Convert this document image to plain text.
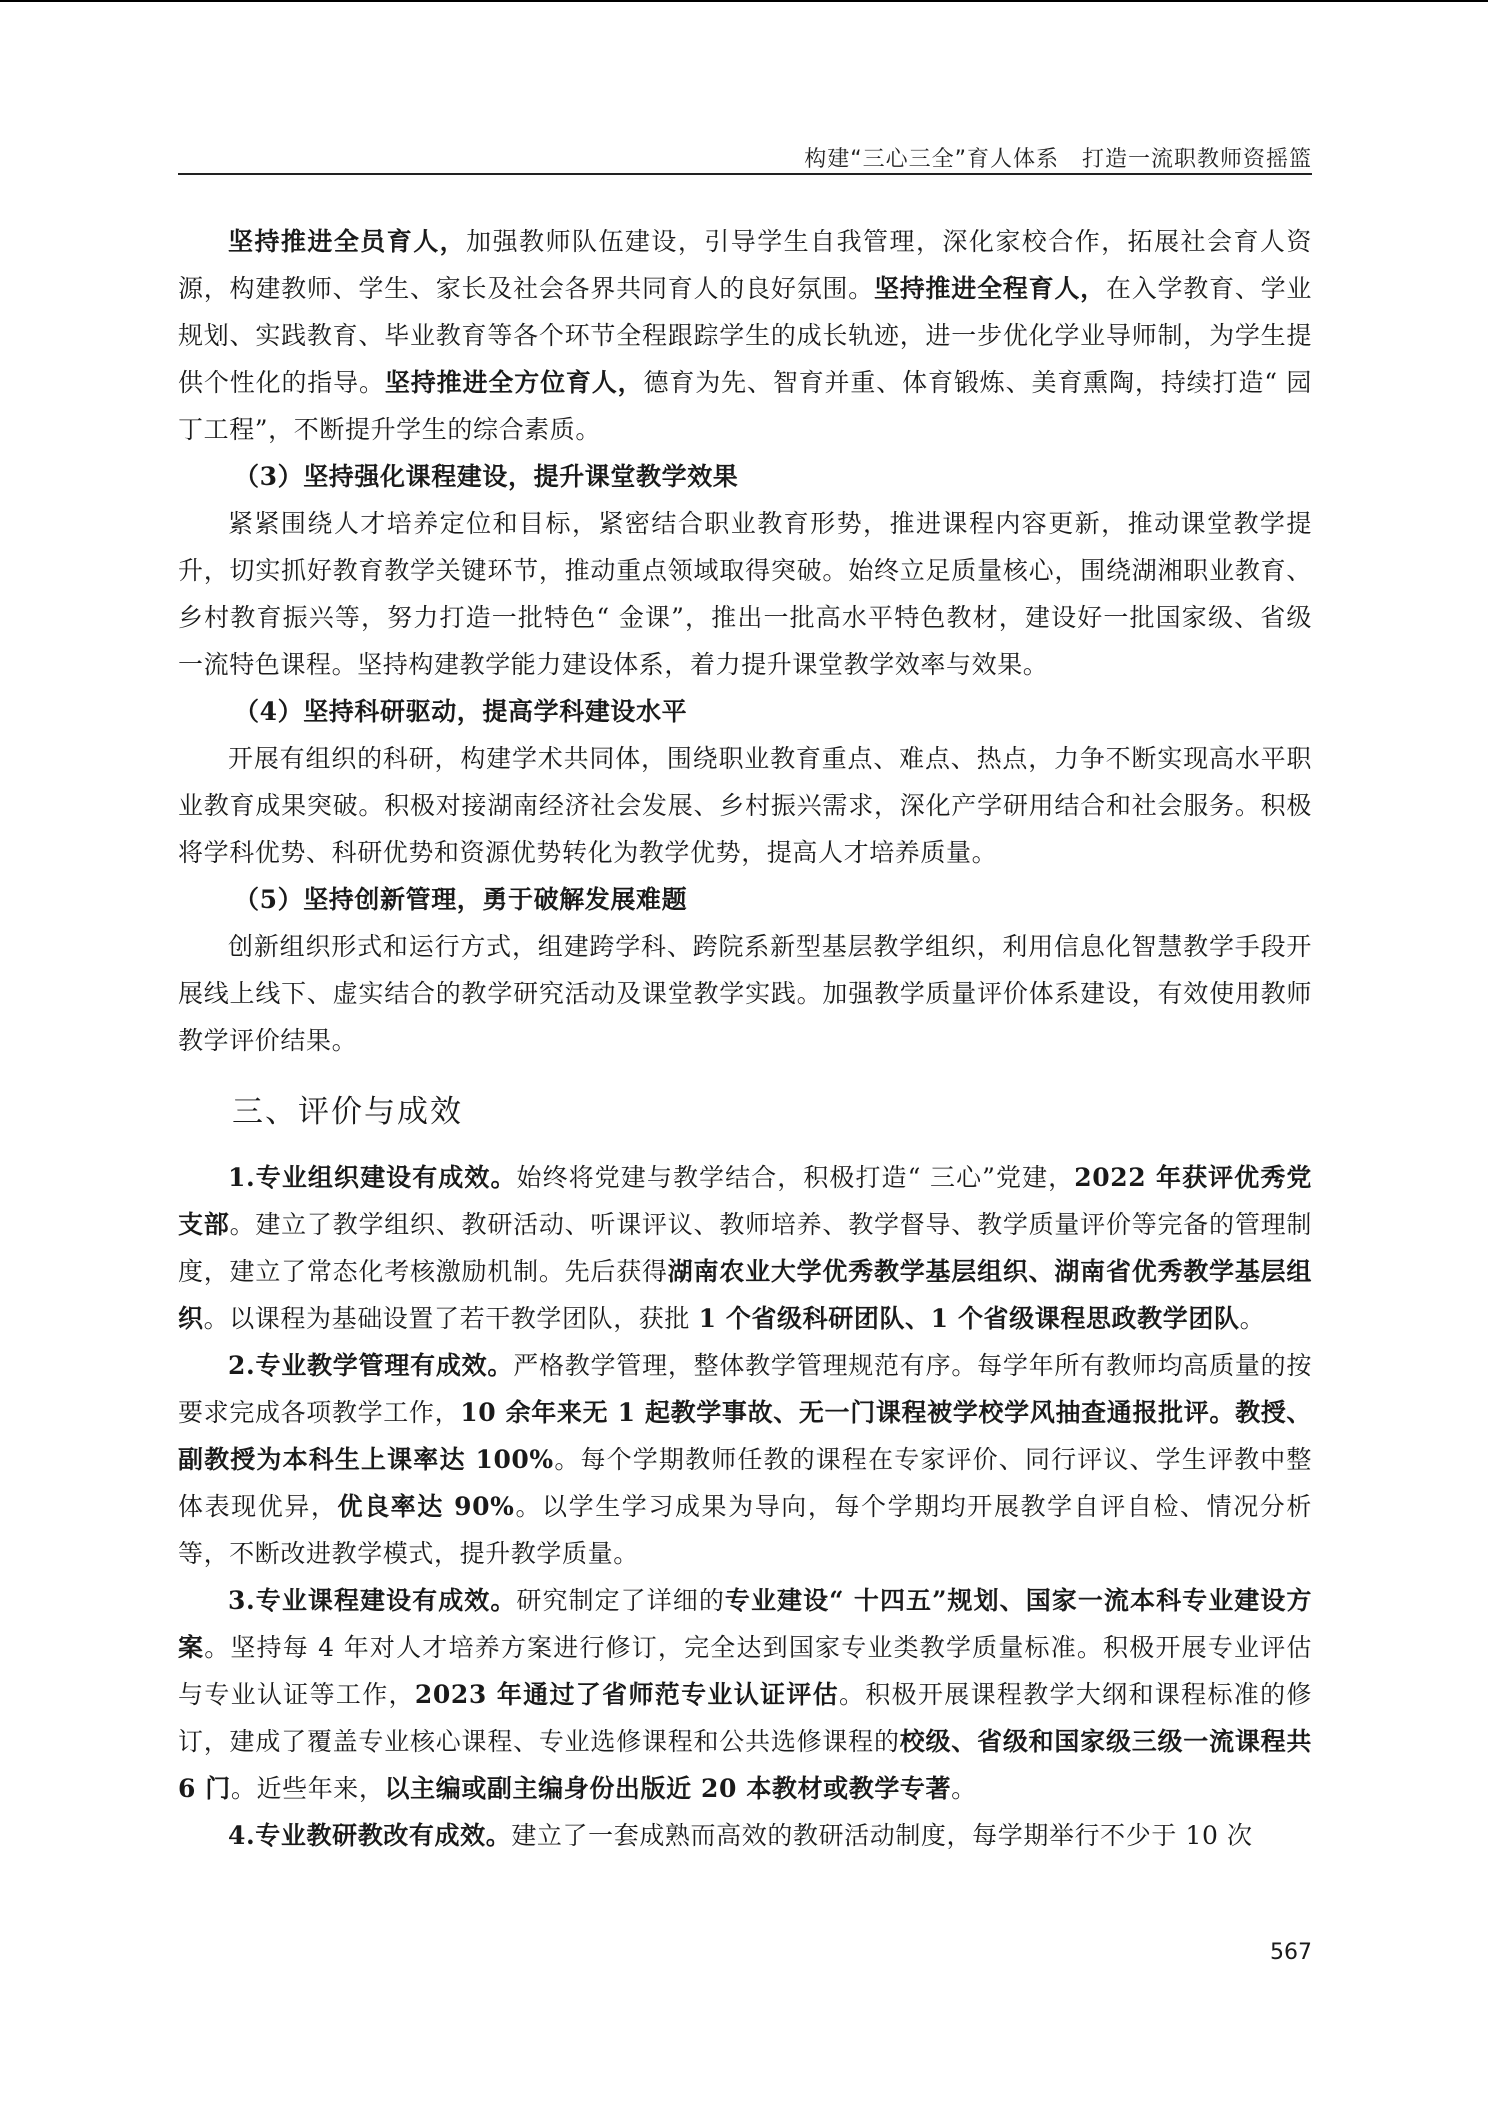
构建“三心三全”育人体系　打造一流职教师资摇篮

坚持推进全员育人，加强教师队伍建设，引导学生自我管理，深化家校合作，拓展社会育人资源，构建教师、学生、家长及社会各界共同育人的良好氛围。坚持推进全程育人，在入学教育、学业规划、实践教育、毕业教育等各个环节全程跟踪学生的成长轨迹，进一步优化学业导师制，为学生提供个性化的指导。坚持推进全方位育人，德育为先、智育并重、体育锻炼、美育熏陶，持续打造“ 园丁工程”，不断提升学生的综合素质。

（3）坚持强化课程建设，提升课堂教学效果

紧紧围绕人才培养定位和目标，紧密结合职业教育形势，推进课程内容更新，推动课堂教学提升，切实抓好教育教学关键环节，推动重点领域取得突破。始终立足质量核心，围绕湖湘职业教育、乡村教育振兴等，努力打造一批特色“ 金课”，推出一批高水平特色教材，建设好一批国家级、省级一流特色课程。坚持构建教学能力建设体系，着力提升课堂教学效率与效果。

（4）坚持科研驱动，提高学科建设水平

开展有组织的科研，构建学术共同体，围绕职业教育重点、难点、热点，力争不断实现高水平职业教育成果突破。积极对接湖南经济社会发展、乡村振兴需求，深化产学研用结合和社会服务。积极将学科优势、科研优势和资源优势转化为教学优势，提高人才培养质量。

（5）坚持创新管理，勇于破解发展难题

创新组织形式和运行方式，组建跨学科、跨院系新型基层教学组织，利用信息化智慧教学手段开展线上线下、虚实结合的教学研究活动及课堂教学实践。加强教学质量评价体系建设，有效使用教师教学评价结果。

三、评价与成效

1.专业组织建设有成效。始终将党建与教学结合，积极打造“ 三心”党建，2022 年获评优秀党支部。建立了教学组织、教研活动、听课评议、教师培养、教学督导、教学质量评价等完备的管理制度，建立了常态化考核激励机制。先后获得湖南农业大学优秀教学基层组织、湖南省优秀教学基层组织。以课程为基础设置了若干教学团队，获批 1 个省级科研团队、1 个省级课程思政教学团队。

2.专业教学管理有成效。严格教学管理，整体教学管理规范有序。每学年所有教师均高质量的按要求完成各项教学工作，10 余年来无 1 起教学事故、无一门课程被学校学风抽查通报批评。教授、副教授为本科生上课率达 100%。每个学期教师任教的课程在专家评价、同行评议、学生评教中整体表现优异，优良率达 90%。以学生学习成果为导向，每个学期均开展教学自评自检、情况分析等，不断改进教学模式，提升教学质量。

3.专业课程建设有成效。研究制定了详细的专业建设“ 十四五”规划、国家一流本科专业建设方案。坚持每 4 年对人才培养方案进行修订，完全达到国家专业类教学质量标准。积极开展专业评估与专业认证等工作，2023 年通过了省师范专业认证评估。积极开展课程教学大纲和课程标准的修订，建成了覆盖专业核心课程、专业选修课程和公共选修课程的校级、省级和国家级三级一流课程共 6 门。近些年来，以主编或副主编身份出版近 20 本教材或教学专著。

4.专业教研教改有成效。建立了一套成熟而高效的教研活动制度，每学期举行不少于 10 次

567
